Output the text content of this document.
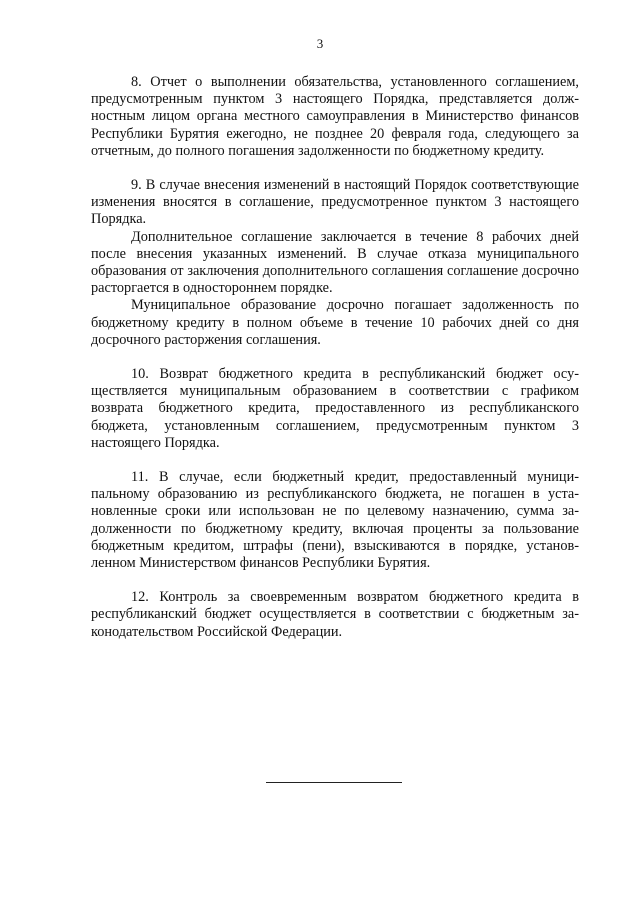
3

8. Отчет о выполнении обязательства, установленного соглашением, предусмотренным пунктом 3 настоящего Порядка, представляется должностным лицом органа местного самоуправления в Министерство финансов Республики Бурятия ежегодно, не позднее 20 февраля года, следующего за отчетным, до полного погашения задолженности по бюджетному кредиту.

9. В случае внесения изменений в настоящий Порядок соответствующие изменения вносятся в соглашение, предусмотренное пунктом 3 настоящего Порядка.

Дополнительное соглашение заключается в течение 8 рабочих дней после внесения указанных изменений. В случае отказа муниципального образования от заключения дополнительного соглашения соглашение досрочно расторгается в одностороннем порядке.

Муниципальное образование досрочно погашает задолженность по бюджетному кредиту в полном объеме в течение 10 рабочих дней со дня досрочного расторжения соглашения.

10. Возврат бюджетного кредита в республиканский бюджет осуществляется муниципальным образованием в соответствии с графиком возврата бюджетного кредита, предоставленного из республиканского бюджета, установленным соглашением, предусмотренным пунктом 3 настоящего Порядка.

11. В случае, если бюджетный кредит, предоставленный муниципальному образованию из республиканского бюджета, не погашен в установленные сроки или использован не по целевому назначению, сумма задолженности по бюджетному кредиту, включая проценты за пользование бюджетным кредитом, штрафы (пени), взыскиваются в порядке, установленном Министерством финансов Республики Бурятия.

12. Контроль за своевременным возвратом бюджетного кредита в республиканский бюджет осуществляется в соответствии с бюджетным законодательством Российской Федерации.
